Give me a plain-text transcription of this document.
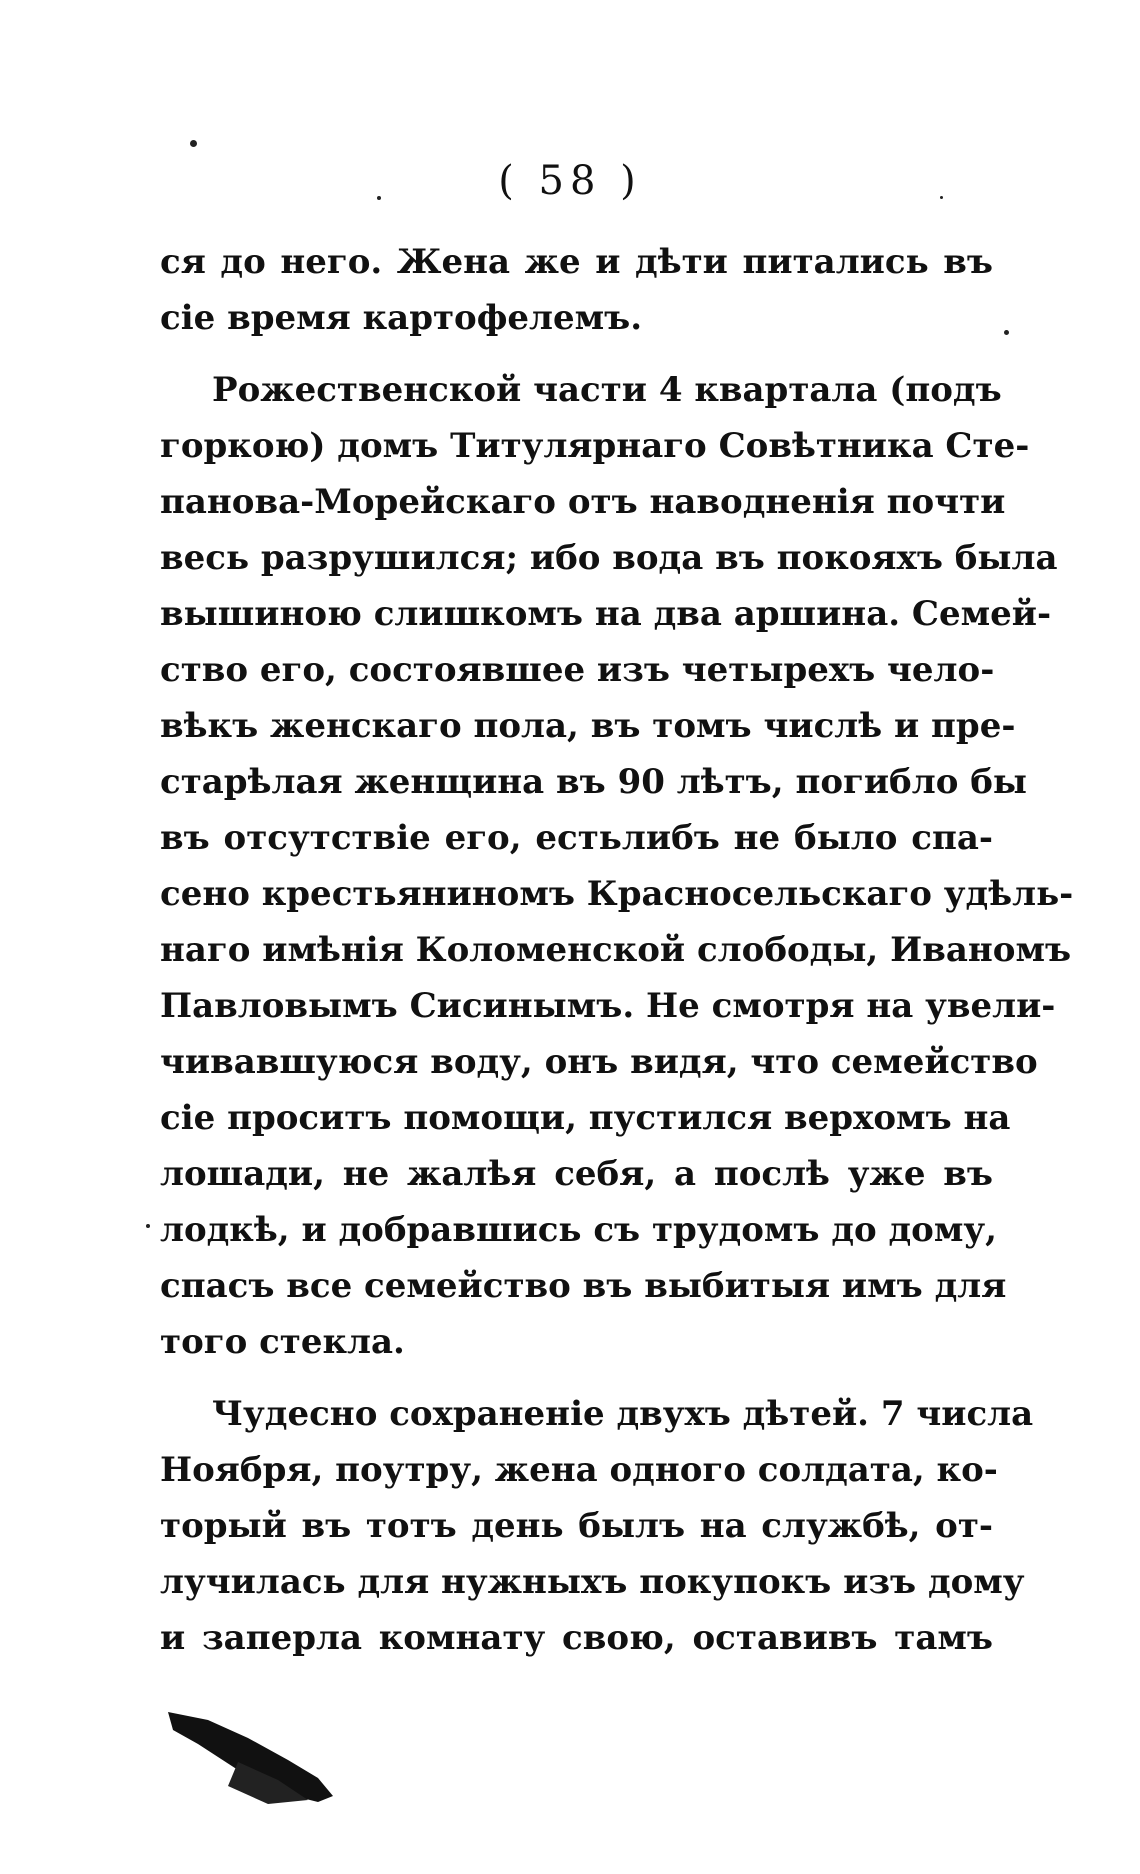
( 58 )
ся до него. Жена же и дѣти питались въ
сіе время картофелемъ.
Рожественской части 4 квартала (подъ
горкою) домъ Титулярнаго Совѣтника Сте-
панова-Морейскаго отъ наводненія почти
весь разрушился; ибо вода въ покояхъ была
вышиною слишкомъ на два аршина. Семей-
ство его, состоявшее изъ четырехъ чело-
вѣкъ женскаго пола, въ томъ числѣ и пре-
старѣлая женщина въ 90 лѣтъ, погибло бы
въ отсутствіе его, естьлибъ не было спа-
сено крестьяниномъ Красносельскаго удѣль-
наго имѣнія Коломенской слободы, Иваномъ
Павловымъ Сисинымъ. Не смотря на увели-
чивавшуюся воду, онъ видя, что семейство
сіе проситъ помощи, пустился верхомъ на
лошади, не жалѣя себя, а послѣ уже въ
лодкѣ, и добравшись съ трудомъ до дому,
спасъ все семейство въ выбитыя имъ для
того стекла.
Чудесно сохраненіе двухъ дѣтей. 7 числа
Ноября, поутру, жена одного солдата, ко-
торый въ тотъ день былъ на службѣ, от-
лучилась для нужныхъ покупокъ изъ дому
и заперла комнату свою, оставивъ тамъ
